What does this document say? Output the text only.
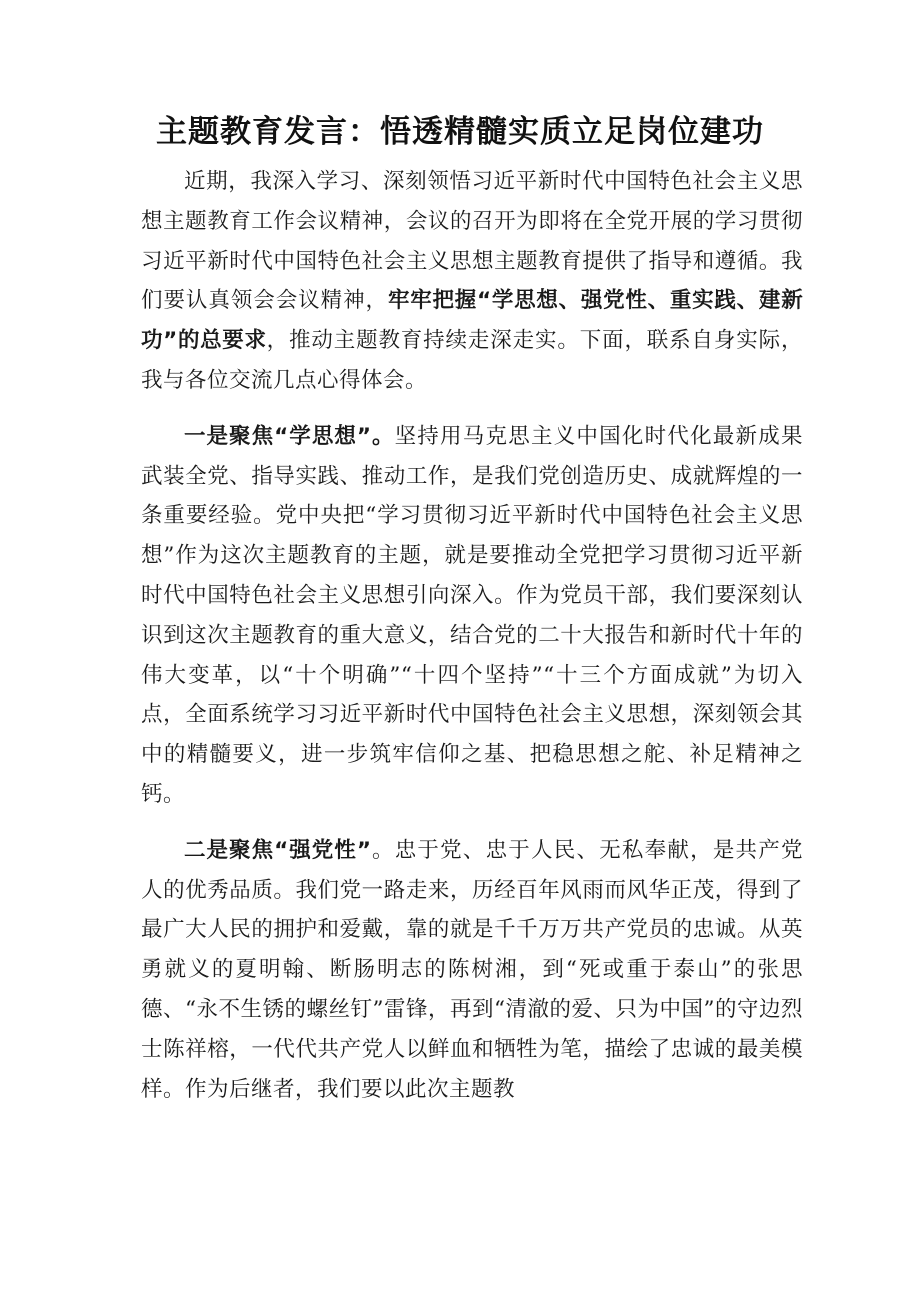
主题教育发言：悟透精髓实质立足岗位建功

近期，我深入学习、深刻领悟习近平新时代中国特色社会主义思想主题教育工作会议精神，会议的召开为即将在全党开展的学习贯彻习近平新时代中国特色社会主义思想主题教育提供了指导和遵循。我们要认真领会会议精神，牢牢把握“学思想、强党性、重实践、建新功”的总要求，推动主题教育持续走深走实。下面，联系自身实际，我与各位交流几点心得体会。

一是聚焦“学思想”。坚持用马克思主义中国化时代化最新成果武装全党、指导实践、推动工作，是我们党创造历史、成就辉煌的一条重要经验。党中央把“学习贯彻习近平新时代中国特色社会主义思想”作为这次主题教育的主题，就是要推动全党把学习贯彻习近平新时代中国特色社会主义思想引向深入。作为党员干部，我们要深刻认识到这次主题教育的重大意义，结合党的二十大报告和新时代十年的伟大变革，以“十个明确”“十四个坚持”“十三个方面成就”为切入点，全面系统学习习近平新时代中国特色社会主义思想，深刻领会其中的精髓要义，进一步筑牢信仰之基、把稳思想之舵、补足精神之钙。

二是聚焦“强党性”。忠于党、忠于人民、无私奉献，是共产党人的优秀品质。我们党一路走来，历经百年风雨而风华正茂，得到了最广大人民的拥护和爱戴，靠的就是千千万万共产党员的忠诚。从英勇就义的夏明翰、断肠明志的陈树湘，到“死或重于泰山”的张思德、“永不生锈的螺丝钉”雷锋，再到“清澈的爱、只为中国”的守边烈士陈祥榕，一代代共产党人以鲜血和牺牲为笔，描绘了忠诚的最美模样。作为后继者，我们要以此次主题教
